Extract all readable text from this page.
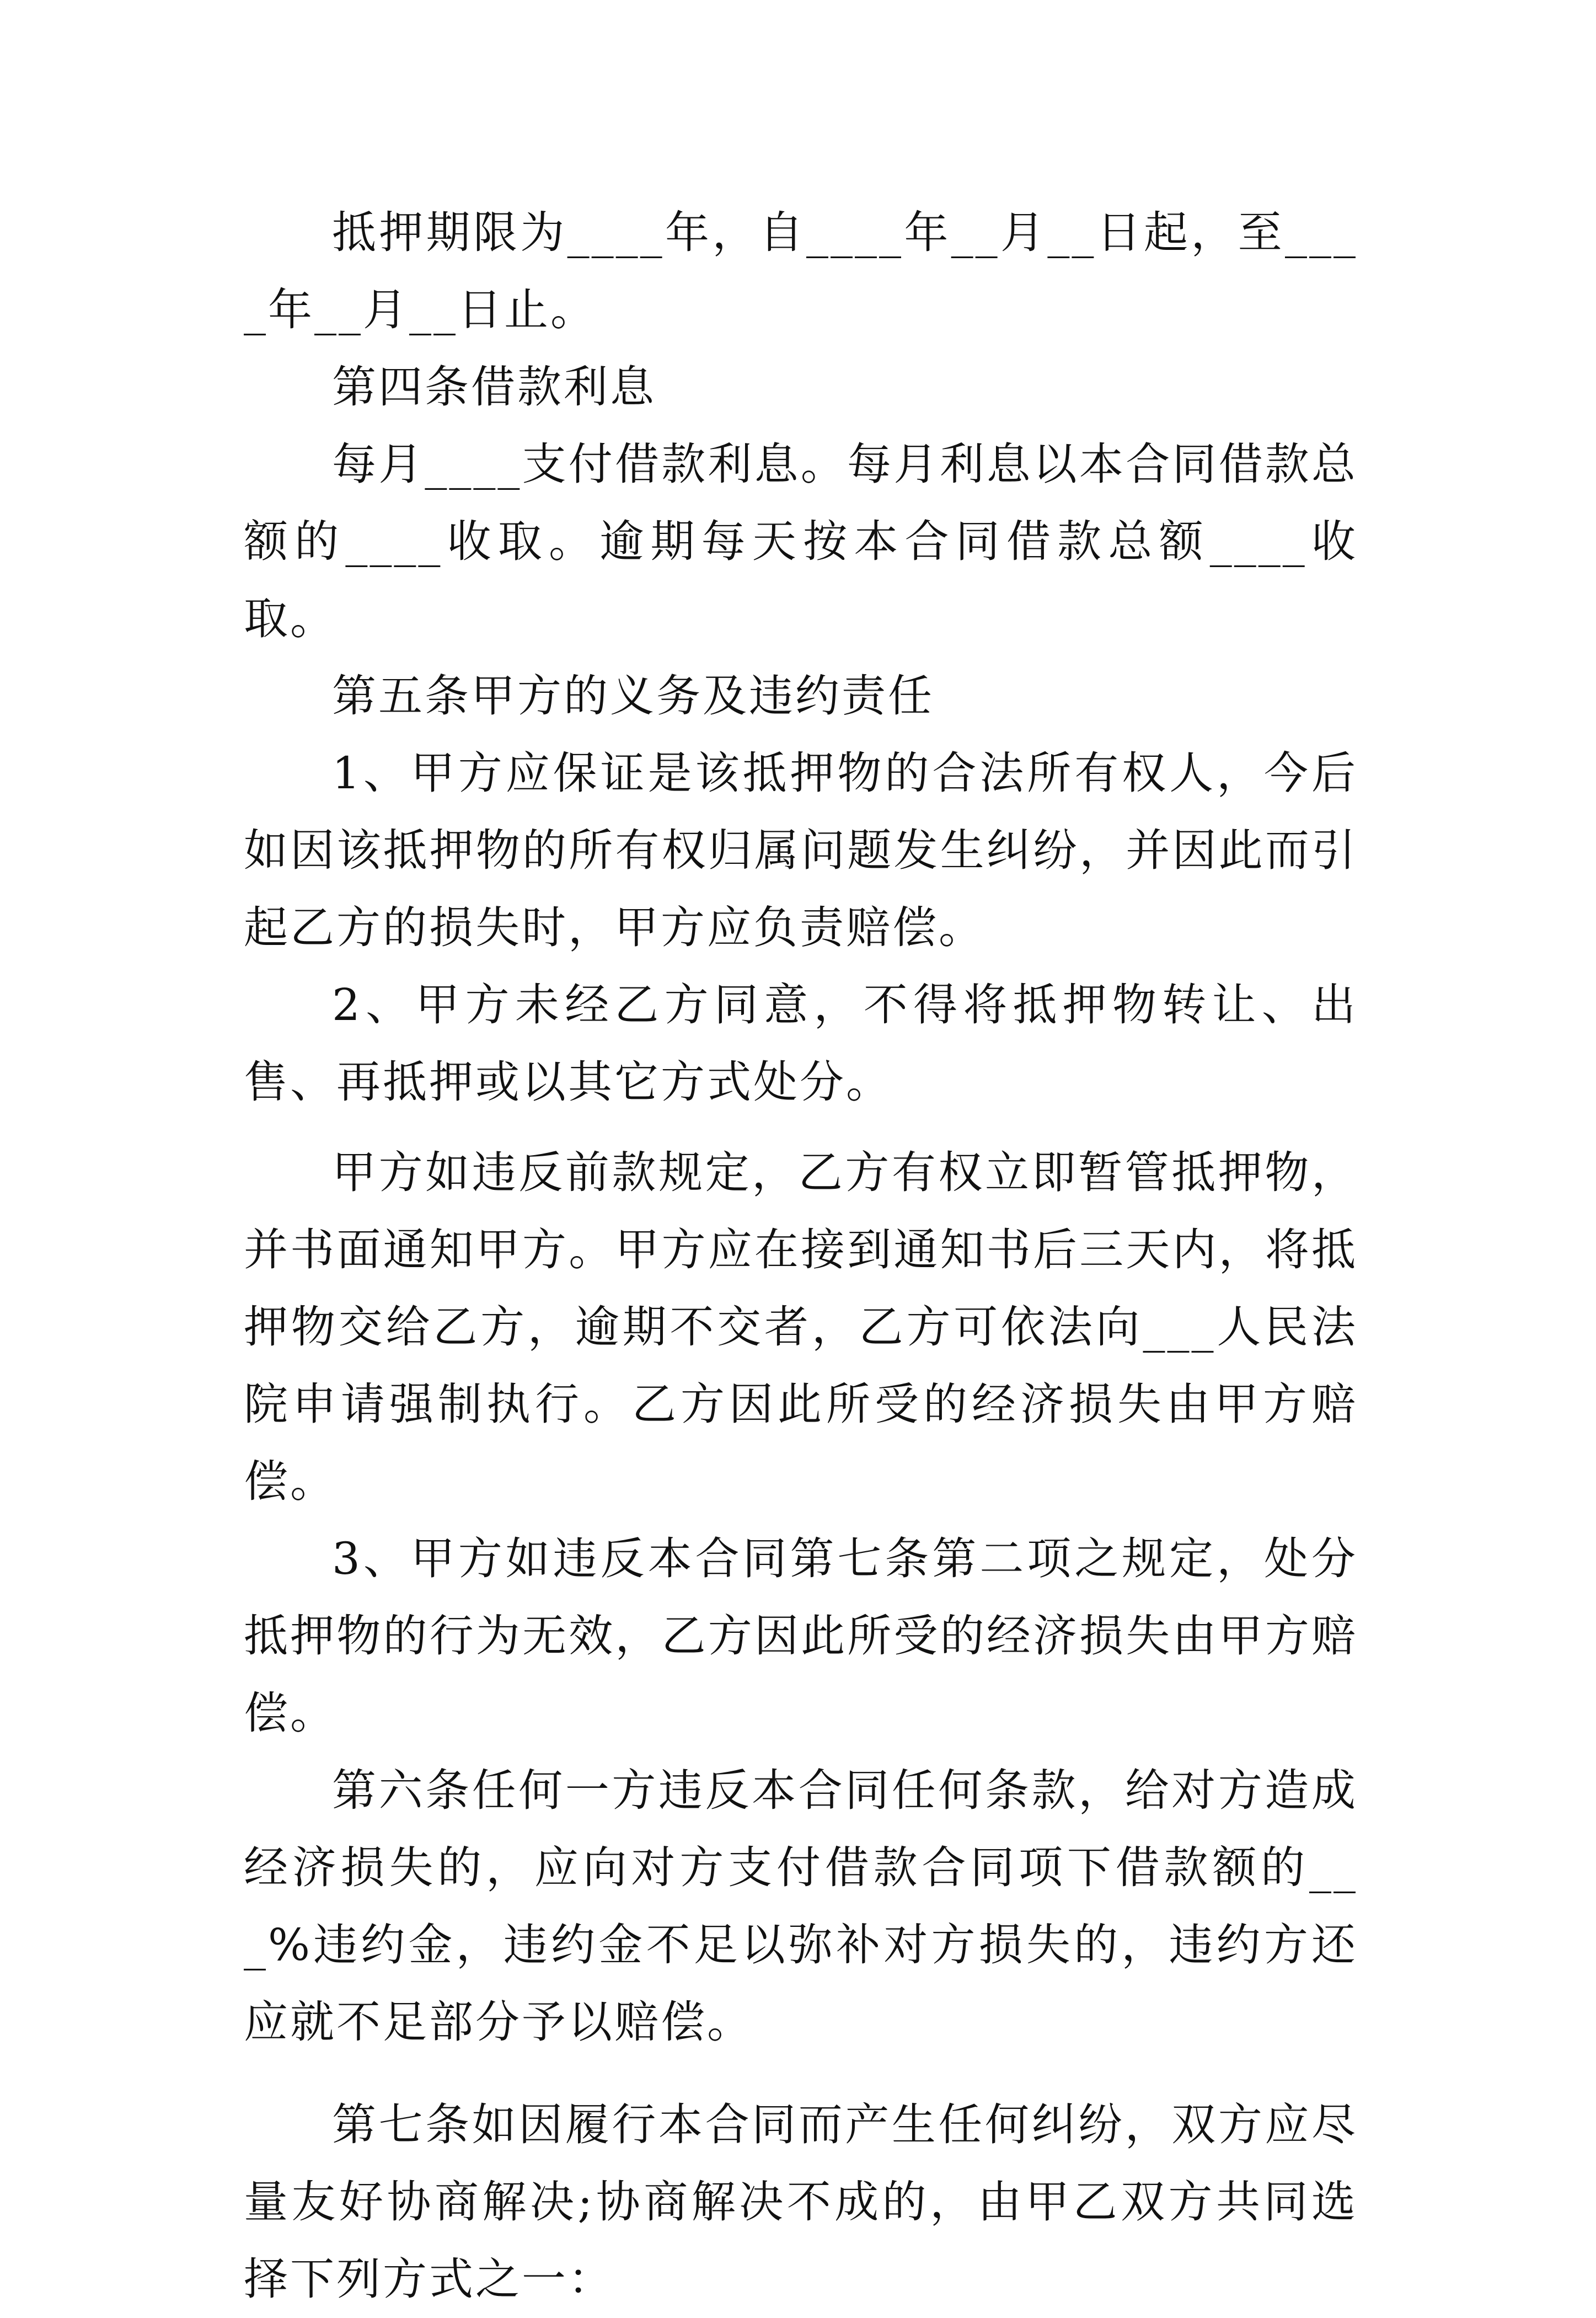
抵押期限为____年，自____年__月__日起，至____年__月__日止。

第四条借款利息

每月____支付借款利息。每月利息以本合同借款总额的____收取。逾期每天按本合同借款总额____收取。

第五条甲方的义务及违约责任

1、甲方应保证是该抵押物的合法所有权人，今后如因该抵押物的所有权归属问题发生纠纷，并因此而引起乙方的损失时，甲方应负责赔偿。

2、甲方未经乙方同意，不得将抵押物转让、出售、再抵押或以其它方式处分。

甲方如违反前款规定，乙方有权立即暂管抵押物，并书面通知甲方。甲方应在接到通知书后三天内，将抵押物交给乙方，逾期不交者，乙方可依法向___人民法院申请强制执行。乙方因此所受的经济损失由甲方赔偿。

3、甲方如违反本合同第七条第二项之规定，处分抵押物的行为无效，乙方因此所受的经济损失由甲方赔偿。

第六条任何一方违反本合同任何条款，给对方造成经济损失的，应向对方支付借款合同项下借款额的___%违约金，违约金不足以弥补对方损失的，违约方还应就不足部分予以赔偿。

第七条如因履行本合同而产生任何纠纷，双方应尽量友好协商解决;协商解决不成的，由甲乙双方共同选择下列方式之一：
